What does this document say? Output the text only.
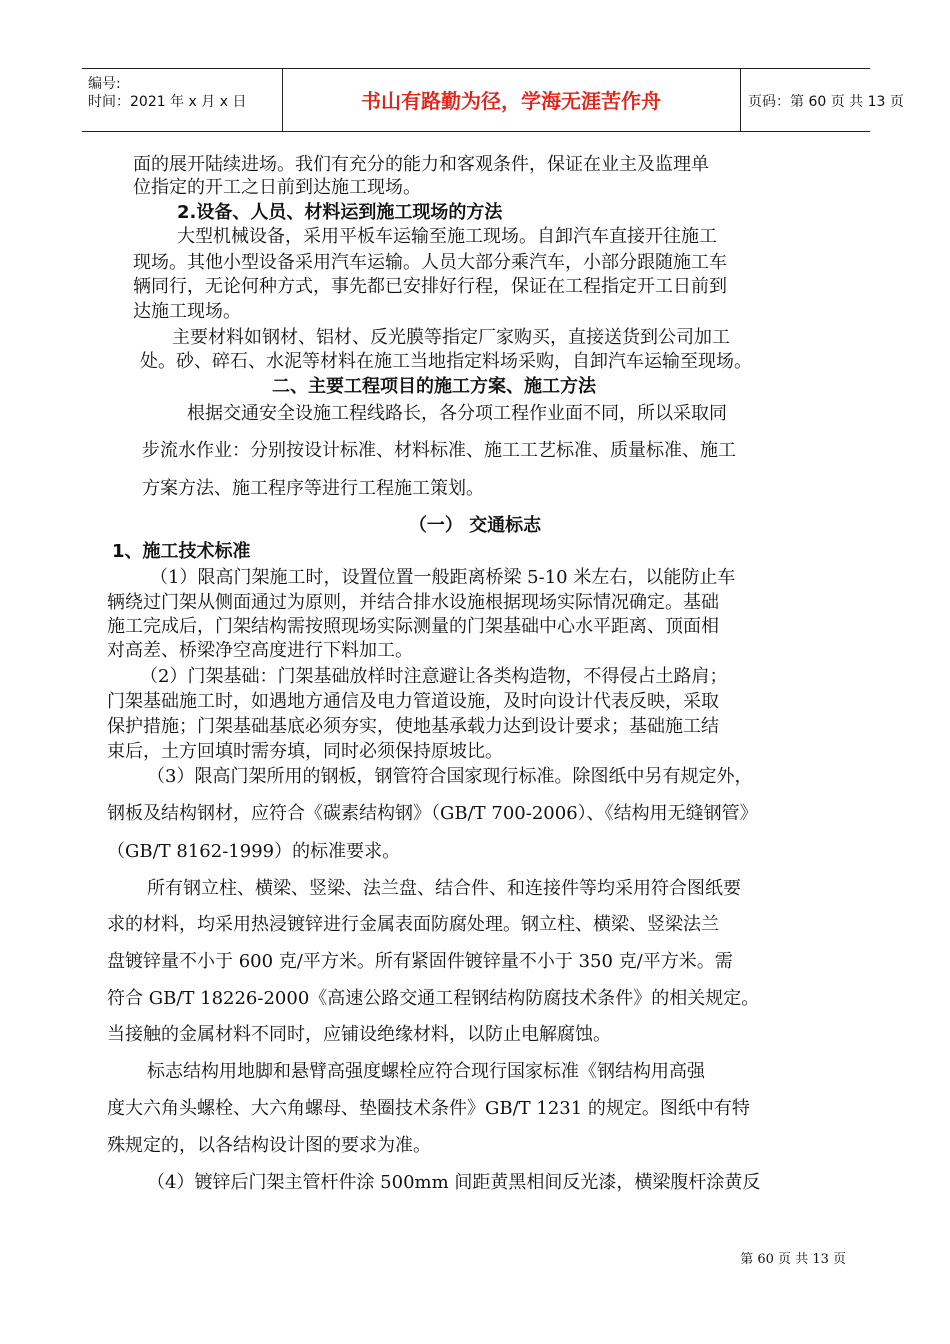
编号:
时间：2021 年 x 月 x 日	书山有路勤为径，学海无涯苦作舟	页码：第 60 页 共 13 页
面的展开陆续进场。我们有充分的能力和客观条件，保证在业主及监理单
位指定的开工之日前到达施工现场。
2.设备、人员、材料运到施工现场的方法
大型机械设备，采用平板车运输至施工现场。自卸汽车直接开往施工
现场。其他小型设备采用汽车运输。人员大部分乘汽车，小部分跟随施工车
辆同行，无论何种方式，事先都已安排好行程，保证在工程指定开工日前到
达施工现场。
主要材料如钢材、铝材、反光膜等指定厂家购买，直接送货到公司加工
处。砂、碎石、水泥等材料在施工当地指定料场采购，自卸汽车运输至现场。
二、主要工程项目的施工方案、施工方法
根据交通安全设施工程线路长，各分项工程作业面不同，所以采取同
步流水作业：分别按设计标准、材料标准、施工工艺标准、质量标准、施工
方案方法、施工程序等进行工程施工策划。
（一） 交通标志
1、施工技术标准
（1）限高门架施工时，设置位置一般距离桥梁 5-10 米左右，以能防止车
辆绕过门架从侧面通过为原则，并结合排水设施根据现场实际情况确定。基础
施工完成后，门架结构需按照现场实际测量的门架基础中心水平距离、顶面相
对高差、桥梁净空高度进行下料加工。
（2）门架基础：门架基础放样时注意避让各类构造物，不得侵占土路肩；
门架基础施工时，如遇地方通信及电力管道设施，及时向设计代表反映，采取
保护措施；门架基础基底必须夯实，使地基承载力达到设计要求；基础施工结
束后，土方回填时需夯填，同时必须保持原坡比。
（3）限高门架所用的钢板，钢管符合国家现行标准。除图纸中另有规定外，
钢板及结构钢材，应符合《碳素结构钢》（GB/T 700-2006）、《结构用无缝钢管》
（GB/T 8162-1999）的标准要求。
所有钢立柱、横梁、竖梁、法兰盘、结合件、和连接件等均采用符合图纸要
求的材料，均采用热浸镀锌进行金属表面防腐处理。钢立柱、横梁、竖梁法兰
盘镀锌量不小于 600 克/平方米。所有紧固件镀锌量不小于 350 克/平方米。需
符合 GB/T 18226-2000《高速公路交通工程钢结构防腐技术条件》的相关规定。
当接触的金属材料不同时，应铺设绝缘材料，以防止电解腐蚀。
标志结构用地脚和悬臂高强度螺栓应符合现行国家标准《钢结构用高强
度大六角头螺栓、大六角螺母、垫圈技术条件》GB/T 1231 的规定。图纸中有特
殊规定的，以各结构设计图的要求为准。
（4）镀锌后门架主管杆件涂 500mm 间距黄黑相间反光漆，横梁腹杆涂黄反
第 60 页 共 13 页
